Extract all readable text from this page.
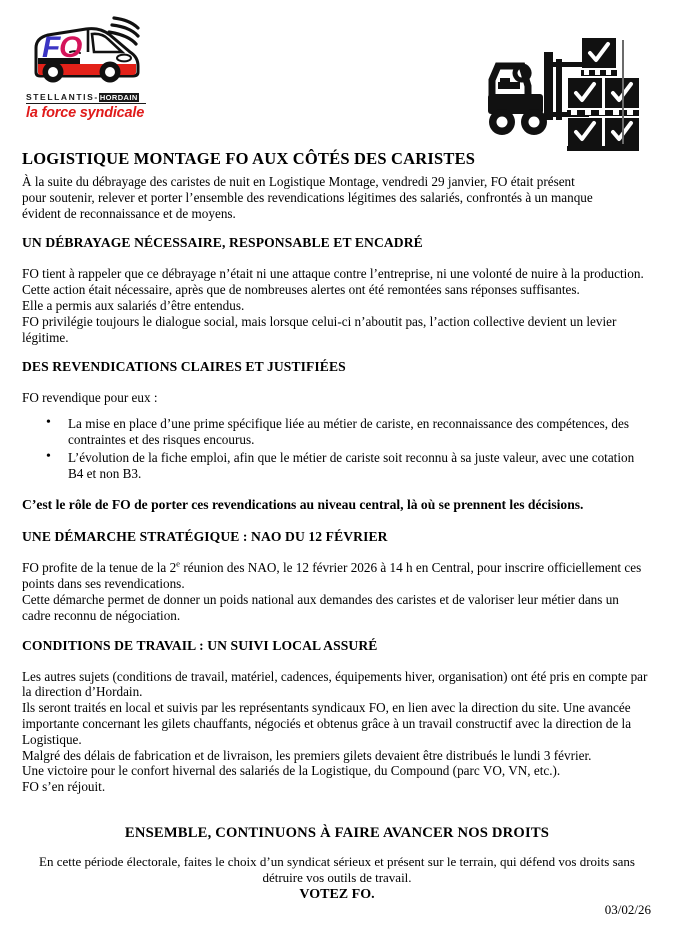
F
O
STELLANTIS-HORDAIN
la force syndicale
LOGISTIQUE MONTAGE FO AUX CÔTÉS DES CARISTES

À la suite du débrayage des caristes de nuit en Logistique Montage, vendredi 29 janvier, FO était présent
pour soutenir, relever et porter l’ensemble des revendications légitimes des salariés, confrontés à un manque
évident de reconnaissance et de moyens.

UN DÉBRAYAGE NÉCESSAIRE, RESPONSABLE ET ENCADRÉ

FO tient à rappeler que ce débrayage n’était ni une attaque contre l’entreprise, ni une volonté de nuire à la production.
Cette action était nécessaire, après que de nombreuses alertes ont été remontées sans réponses suffisantes.
Elle a permis aux salariés d’être entendus.
FO privilégie toujours le dialogue social, mais lorsque celui-ci n’aboutit pas, l’action collective devient un levier
légitime.

DES REVENDICATIONS CLAIRES ET JUSTIFIÉES

FO revendique pour eux :

• La mise en place d’une prime spécifique liée au métier de cariste, en reconnaissance des compétences, des contraintes et des risques encourus.
• L’évolution de la fiche emploi, afin que le métier de cariste soit reconnu à sa juste valeur, avec une cotation B4 et non B3.

C’est le rôle de FO de porter ces revendications au niveau central, là où se prennent les décisions.

UNE DÉMARCHE STRATÉGIQUE : NAO DU 12 FÉVRIER

FO profite de la tenue de la 2e réunion des NAO, le 12 février 2026 à 14 h en Central, pour inscrire officiellement ces
points dans ses revendications.
Cette démarche permet de donner un poids national aux demandes des caristes et de valoriser leur métier dans un
cadre reconnu de négociation.

CONDITIONS DE TRAVAIL : UN SUIVI LOCAL ASSURÉ

Les autres sujets (conditions de travail, matériel, cadences, équipements hiver, organisation) ont été pris en compte par
la direction d’Hordain.
Ils seront traités en local et suivis par les représentants syndicaux FO, en lien avec la direction du site. Une avancée
importante concernant les gilets chauffants, négociés et obtenus grâce à un travail constructif avec la direction de la
Logistique.
Malgré des délais de fabrication et de livraison, les premiers gilets devaient être distribués le lundi 3 février.
Une victoire pour le confort hivernal des salariés de la Logistique, du Compound (parc VO, VN, etc.).
FO s’en réjouit.

ENSEMBLE, CONTINUONS À FAIRE AVANCER NOS DROITS

En cette période électorale, faites le choix d’un syndicat sérieux et présent sur le terrain, qui défend vos droits sans détruire vos outils de travail.

VOTEZ FO.

03/02/26
